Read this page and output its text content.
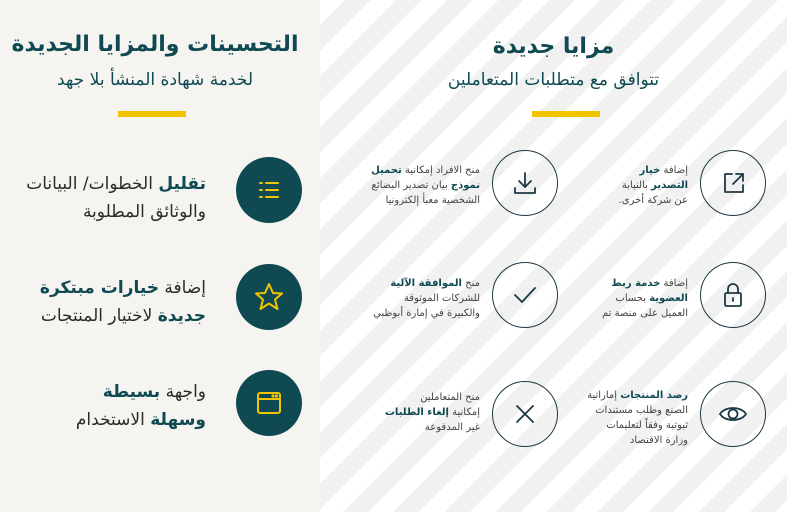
التحسينات والمزايا الجديدة
لخدمة شهادة المنشأ بلا جهد
تقليل الخطوات/ البيانات
والوثائق المطلوبة
إضافة خيارات مبتكرة
جديدة لاختيار المنتجات
واجهة بسيطة
وسهلة الاستخدام
مزايا جديدة
تتوافق مع متطلبات المتعاملين
إضافة خيار
التصدير بالنيابة
عن شركة أخرى.
منح الافراد إمكانية تحميل
نموذج بيان تصدير البضائع
الشخصية معبأ إلكترونيا
إضافة خدمة ربط
العضوية بحساب
العميل على منصة تم
منح الموافقة الآلية
للشركات الموثوقة
والكبيرة في إمارة أبوظبي
رصد المنتجات إماراتية
الصنع وطلب مستندات
ثبوتية وفقاً لتعليمات
وزارة الاقتصاد
منح المتعاملين
إمكانية إلغاء الطلبات
غير المدفوعة
